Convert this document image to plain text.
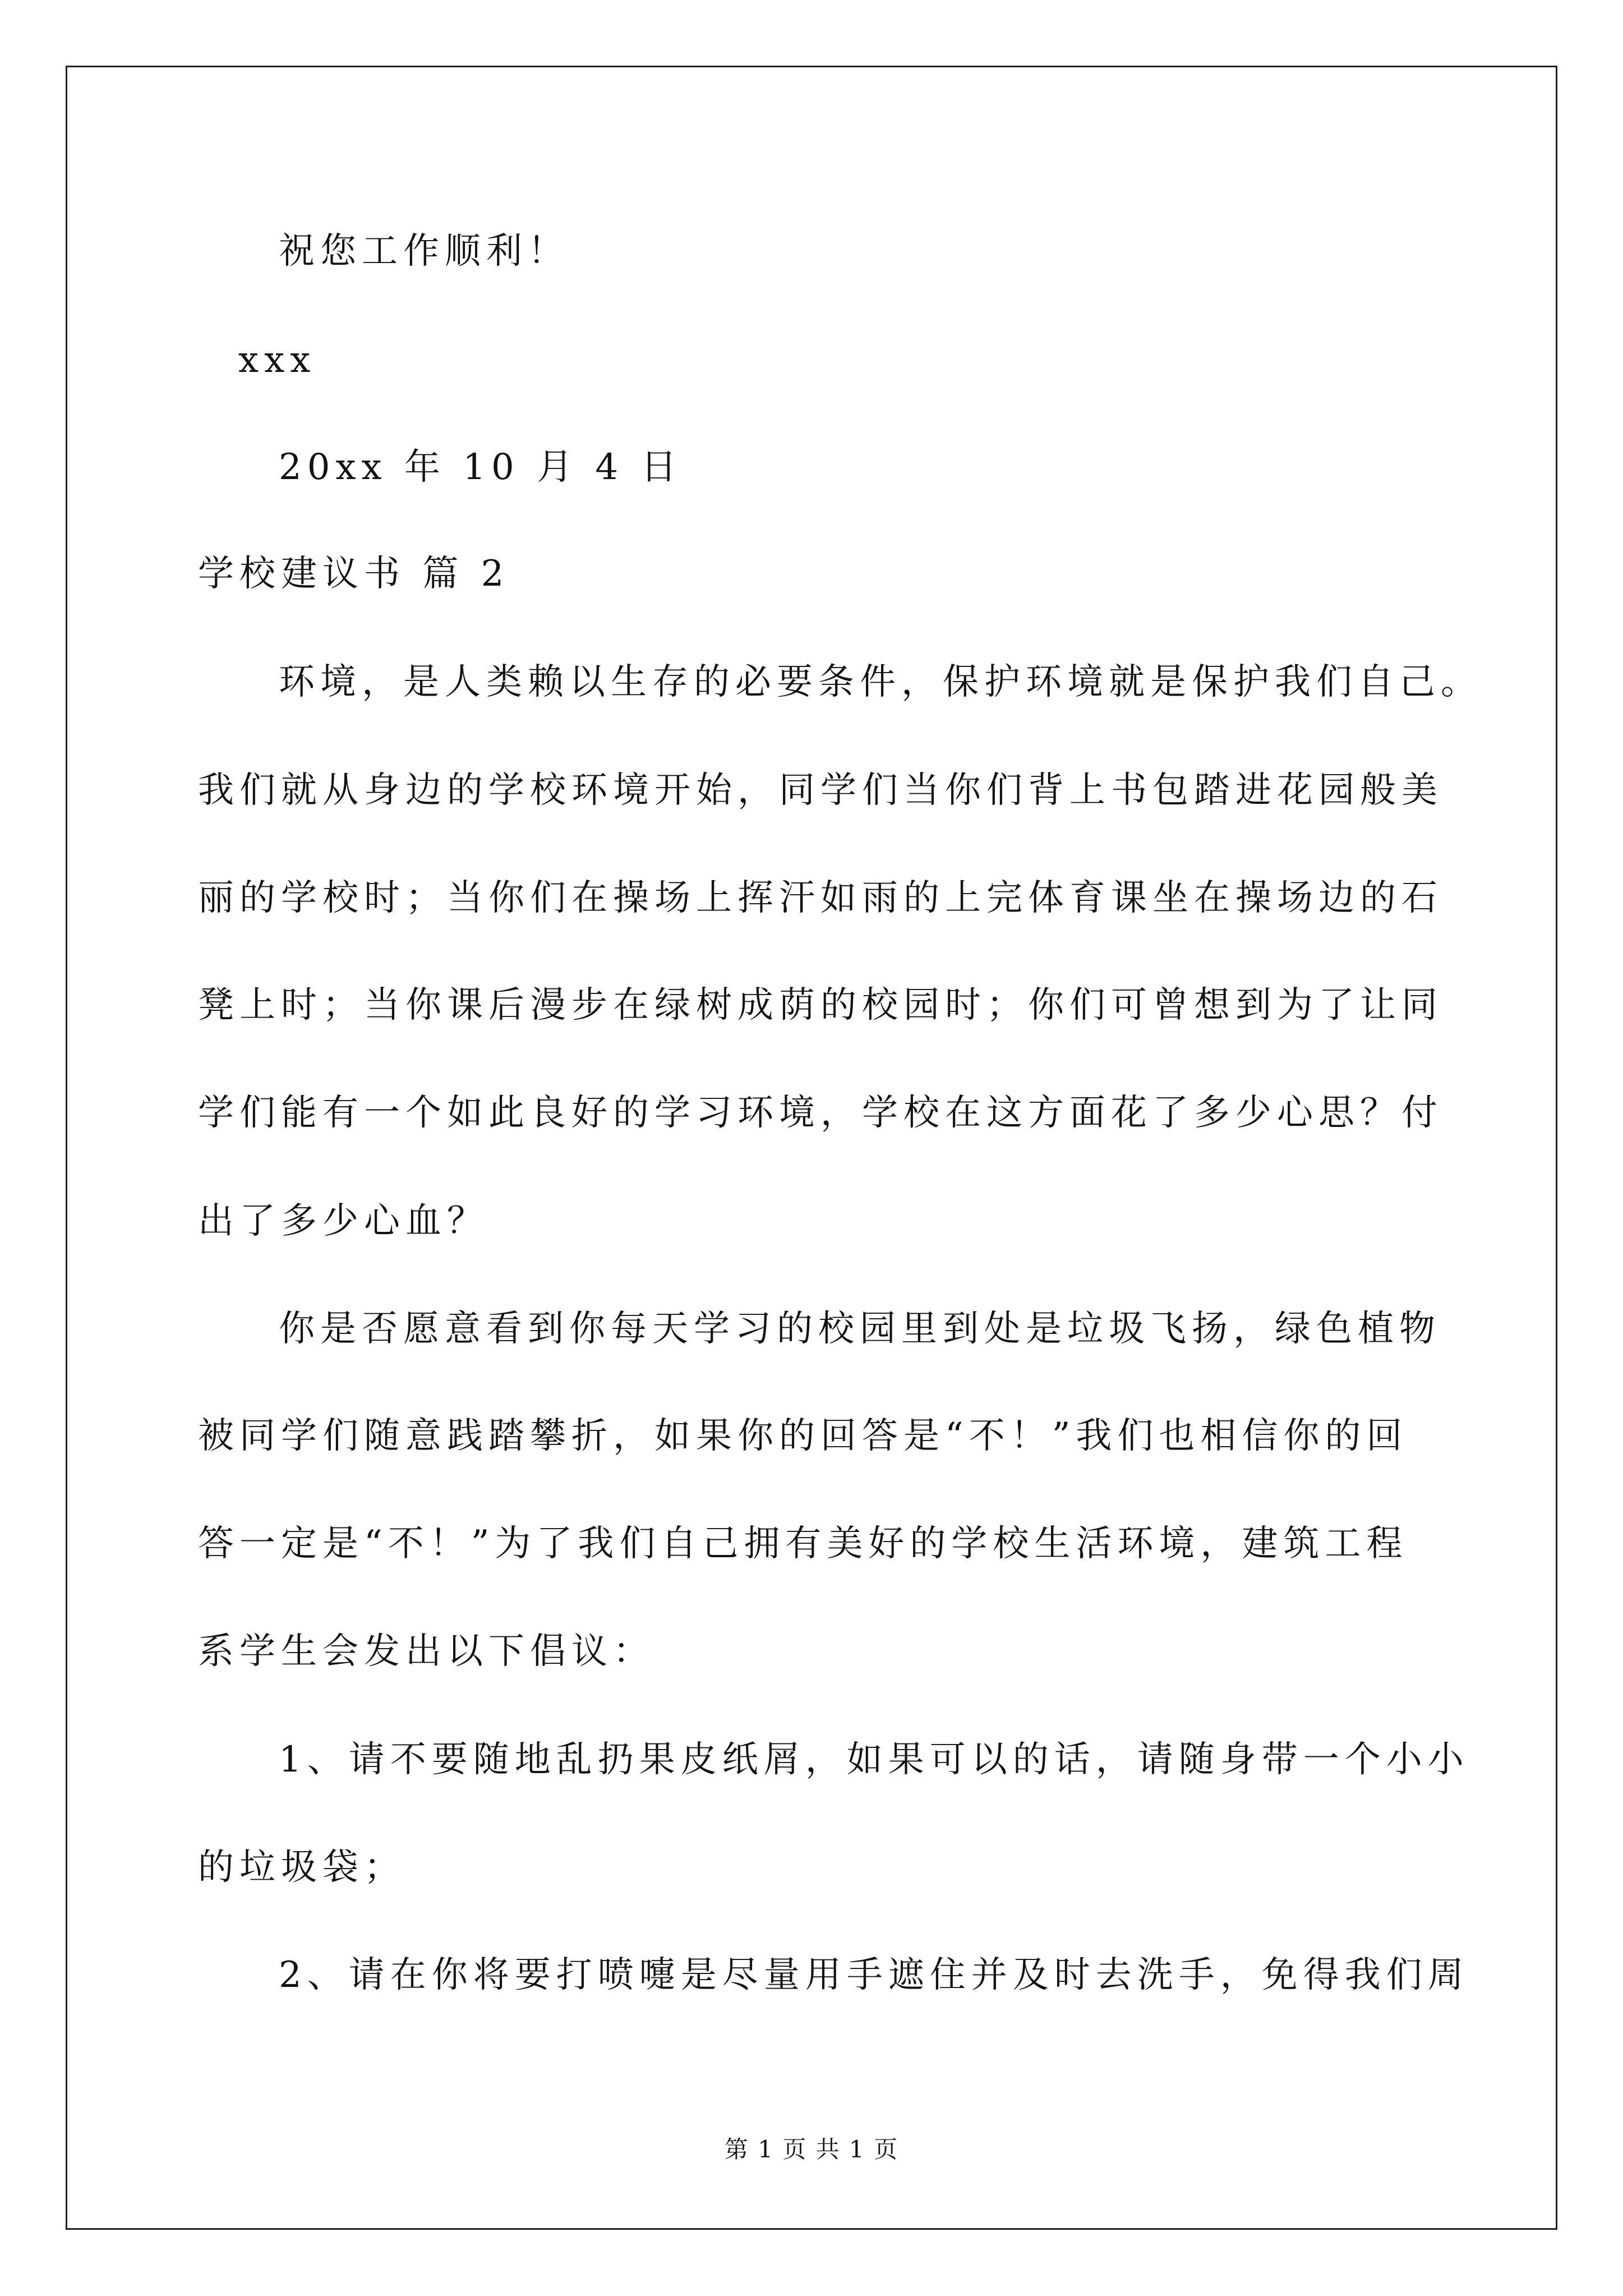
祝您工作顺利！
xxx
20xx 年 10 月 4 日
学校建议书 篇 2
环境，是人类赖以生存的必要条件，保护环境就是保护我们自己。
我们就从身边的学校环境开始，同学们当你们背上书包踏进花园般美
丽的学校时；当你们在操场上挥汗如雨的上完体育课坐在操场边的石
凳上时；当你课后漫步在绿树成荫的校园时；你们可曾想到为了让同
学们能有一个如此良好的学习环境，学校在这方面花了多少心思？付
出了多少心血？
你是否愿意看到你每天学习的校园里到处是垃圾飞扬，绿色植物
被同学们随意践踏攀折，如果你的回答是“不！”我们也相信你的回
答一定是“不！”为了我们自己拥有美好的学校生活环境，建筑工程
系学生会发出以下倡议：
1、请不要随地乱扔果皮纸屑，如果可以的话，请随身带一个小小
的垃圾袋；
2、请在你将要打喷嚏是尽量用手遮住并及时去洗手，免得我们周
第 1 页 共 1 页
